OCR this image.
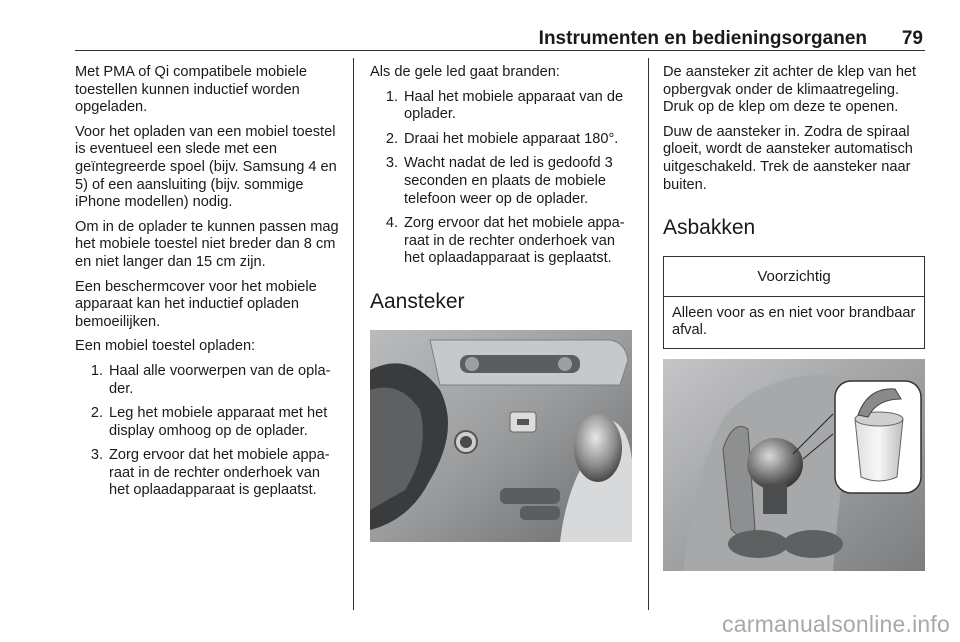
Instrumenten en bedieningsorganen 79

Met PMA of Qi compatibele mobiele toestellen kunnen inductief worden opgeladen.

Voor het opladen van een mobiel toestel is eventueel een slede met een geïntegreerde spoel (bijv. Samsung 4 en 5) of een aansluiting (bijv. sommige iPhone modellen) nodig.

Om in de oplader te kunnen passen mag het mobiele toestel niet breder dan 8 cm en niet langer dan 15 cm zijn.

Een beschermcover voor het mobiele apparaat kan het inductief opladen bemoeilijken.

Een mobiel toestel opladen:

1. Haal alle voorwerpen van de oplader.
2. Leg het mobiele apparaat met het display omhoog op de oplader.
3. Zorg ervoor dat het mobiele apparaat in de rechter onderhoek van het oplaadapparaat is geplaatst.

Als de gele led gaat branden:

1. Haal het mobiele apparaat van de oplader.
2. Draai het mobiele apparaat 180°.
3. Wacht nadat de led is gedoofd 3 seconden en plaats de mobiele telefoon weer op de oplader.
4. Zorg ervoor dat het mobiele apparaat in de rechter onderhoek van het oplaadapparaat is geplaatst.
Aansteker

De aansteker zit achter de klep van het opbergvak onder de klimaatregeling. Druk op de klep om deze te openen.

Duw de aansteker in. Zodra de spiraal gloeit, wordt de aansteker automatisch uitgeschakeld. Trek de aansteker naar buiten.

Asbakken
Voorzichtig
Alleen voor as en niet voor brandbaar afval.
carmanualsonline.info
